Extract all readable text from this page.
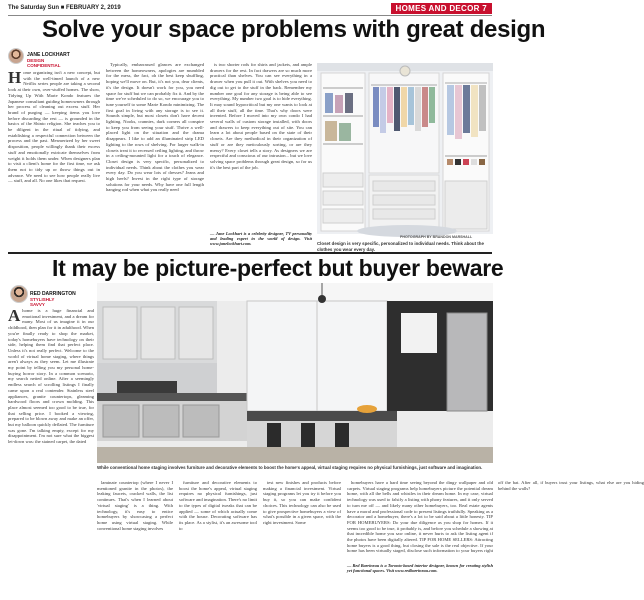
The Saturday Sun ■ FEBRUARY 2, 2019	HOMES AND DECOR 7
Solve your space problems with great design
JANE LOCKHART
DESIGN CONFIDENTIAL
Home organizing isn't a new concept, but with the well-timed launch of a new Netflix series people are taking a second look at their own, over-stuffed homes. The show, Tidying Up With Marie Kondo features the Japanese consultant guiding homeowners through her process of cleaning out excess stuff. Her brand of purging — keeping items you love before discarding the rest — is grounded in the basics of the Shinto religion. She teaches you to be diligent in the ritual of tidying, and establishing a respectful connection between the process and the past. Mesmerized by her sweet disposition, people willingly thank their excess stuff and emotionally extricate themselves from weight it holds them under. When designers plan to visit a client's home for the first time, we ask them not to tidy up or throw things out in advance. We need to see how people really live — stuff, and all. No one likes that request.

Typically, embarrassed glances are exchanged between the homeowners, apologies are mumbled for the mess, the fact, oh the best keep shuffling, hoping we'll move on. But, it's not you, dear clients, it's the design. It doesn't work for you, you need space for stuff but we can probably fix it. And by the time we've scheduled to do so, we encourage you to tune yourself to some Marie Kondo minimizing. The first goal in living with any storage is to see it. Sounds simple, but most closets don't have decent lighting. Nooks, crannies, dark corners all conspire to keep you from seeing your stuff. Thrive a well-placed light on the situation and the drama disappears. I like to add an illuminated strip LED lighting to the rows of shelving. For larger walk-in closets treat it to recessed ceiling lighting, and throw in a ceiling-mounted light for a touch of elegance. Closet design is very specific, personalized to individual needs. Think about the clothes you wear every day. Do you wear lots of dresses? Jeans and high heels? Invest in the right type of storage solutions for your needs. Why have one full length hanging rod when what you really need

is two shorter rods for shirts and jackets, and ample drawers for the rest. In fact drawers are so much more practical than shelves. You can see everything in a drawer when you pull it out. With shelves you need to dig out to get to the stuff in the back. Remember my number one goal for any storage is being able to see everything. My number two goal is to hide everything. It may sound hypocritical but my one wants to look at all their stuff, all the time. That's why doors were invented. Before I moved into my own condo I had several walls of custom storage installed, with doors and drawers to keep everything out of site. You can learn a lot about people based on the state of their closets. Are they methodical in their organization of stuff or are they meticulously sorting, or are they messy? Every closet tells a story. As designers we are respectful and conscious of our intrusion... but we love solving space problems through great design, so for us it's the best part of the job.

— Jane Lockhart is a celebrity designer, TV personality and leading expert in the world of design. Visit www.janelockhart.com.
PHOTOGRAPH BY BRANDON MARSHALL
Closet design is very specific, personalized to individual needs. Think about the clothes you wear every day.
It may be picture-perfect but buyer beware
RED DARRINGTON
STYLISHLY SAVVY
Ahome is a huge financial and emotional investment, and a dream for many. Most of us imagine it in our childhood, then plan for it in adulthood. When you're finally ready to shop the market, today's homebuyers have technology on their side, helping them find that perfect place. Unless it's not really perfect. Welcome to the world of virtual home staging, where things aren't always as they seem. Let me illustrate my point by telling you my personal home-buying horror story. In a common scenario, my search netted online. After a seemingly endless search of scrolling listings I finally came upon a real contender. Stainless steel appliances, granite countertops, gleaming hardwood floors and crown molding. This place almost seemed too good to be true, for that selling price. I booked a viewing, prepared to be blown away and make an offer, but my balloon quickly deflated. The furniture was gone. I'm talking empty, except for my disappointment. I'm not sure what the biggest let-down was: the stained carpet, the dated
While conventional home staging involves furniture and decorative elements to boost the home's appeal, virtual staging requires no physical furnishings, just software and imagination.

laminate countertop (where I never I mentioned granite in the photos), the leaking faucets, cracked walls, the list continues. That's when I learned about 'virtual staging' is a thing. With technology, it's easy to entice homebuyers by showcasing a perfect home using virtual staging. While conventional home staging involves

furniture and decorative elements to boost the home's appeal, virtual staging requires no physical furnishings, just software and imagination. There's no limit to the types of digital tweaks that can be applied — some of which actually come with the house. Decorating software has its place. As a stylist, it's an awesome tool to

test new finishes and products before making a financial investment. Virtual staging programs let you try it before you buy it, so you can make confident choices. This technology can also be used to give prospective homebuyers a view of what's possible in a given space, with the right investment. Some

homebuyers have a hard time seeing beyond the dingy wallpaper and old carpets. Virtual staging programs help homebuyers picture the potential dream home, with all the bells and whistles in their dream home. In my case, virtual technology was used to falsify a listing with phony features, and it only served to turn me off — and likely many other homebuyers, too. Real estate agents have a moral and professional code to present listings truthfully. Speaking as a decorator and a homebuyer, there's a lot to be said about a little honesty. TIP FOR HOMEBUYERS: Do your due diligence as you shop for homes. If it seems too good to be true, it probably is, and before you schedule a showing at that incredible home you saw online, it never hurts to ask the listing agent if the photos have been digitally altered. TIP FOR HOME SELLERS: Attracting home buyers is a good thing, but closing the sale is the real objective. If your home has been virtually staged, disclose such information to your buyers right off the bat. After all, if buyers trust your listings, what else are you hiding behind the walls?

— Red Barrineau is a Toronto-based interior designer, known for creating stylish yet functional spaces. Visit www.redbarrineau.com.
